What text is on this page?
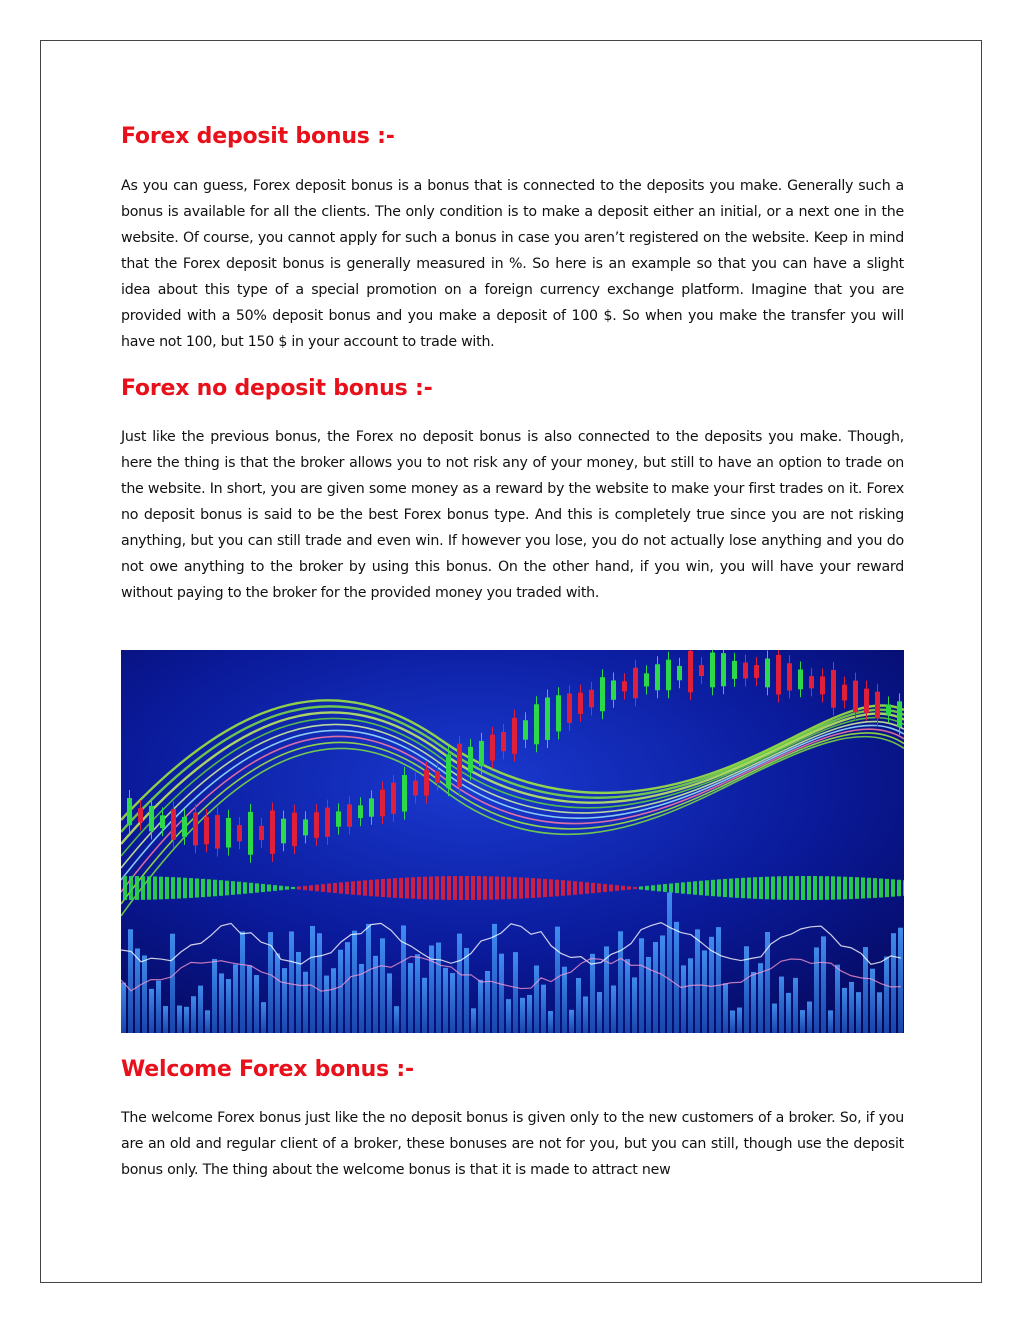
Forex deposit bonus :-

As you can guess, Forex deposit bonus is a bonus that is connected to the deposits you make. Generally such a bonus is available for all the clients. The only condition is to make a deposit either an initial, or a next one in the website. Of course, you cannot apply for such a bonus in case you aren’t registered on the website. Keep in mind that the Forex deposit bonus is generally measured in %. So here is an example so that you can have a slight idea about this type of a special promotion on a foreign currency exchange platform. Imagine that you are provided with a 50% deposit bonus and you make a deposit of 100 $. So when you make the transfer you will have not 100, but 150 $ in your account to trade with.

Forex no deposit bonus :-

Just like the previous bonus, the Forex no deposit bonus is also connected to the deposits you make. Though, here the thing is that the broker allows you to not risk any of your money, but still to have an option to trade on the website. In short, you are given some money as a reward by the website to make your first trades on it. Forex no deposit bonus is said to be the best Forex bonus type. And this is completely true since you are not risking anything, but you can still trade and even win. If however you lose, you do not actually lose anything and you do not owe anything to the broker by using this bonus. On the other hand, if you win, you will have your reward without paying to the broker for the provided money you traded with.

Welcome Forex bonus :-

The welcome Forex bonus just like the no deposit bonus is given only to the new customers of a broker. So, if you are an old and regular client of a broker, these bonuses are not for you, but you can still, though use the deposit bonus only. The thing about the welcome bonus is that it is made to attract new
